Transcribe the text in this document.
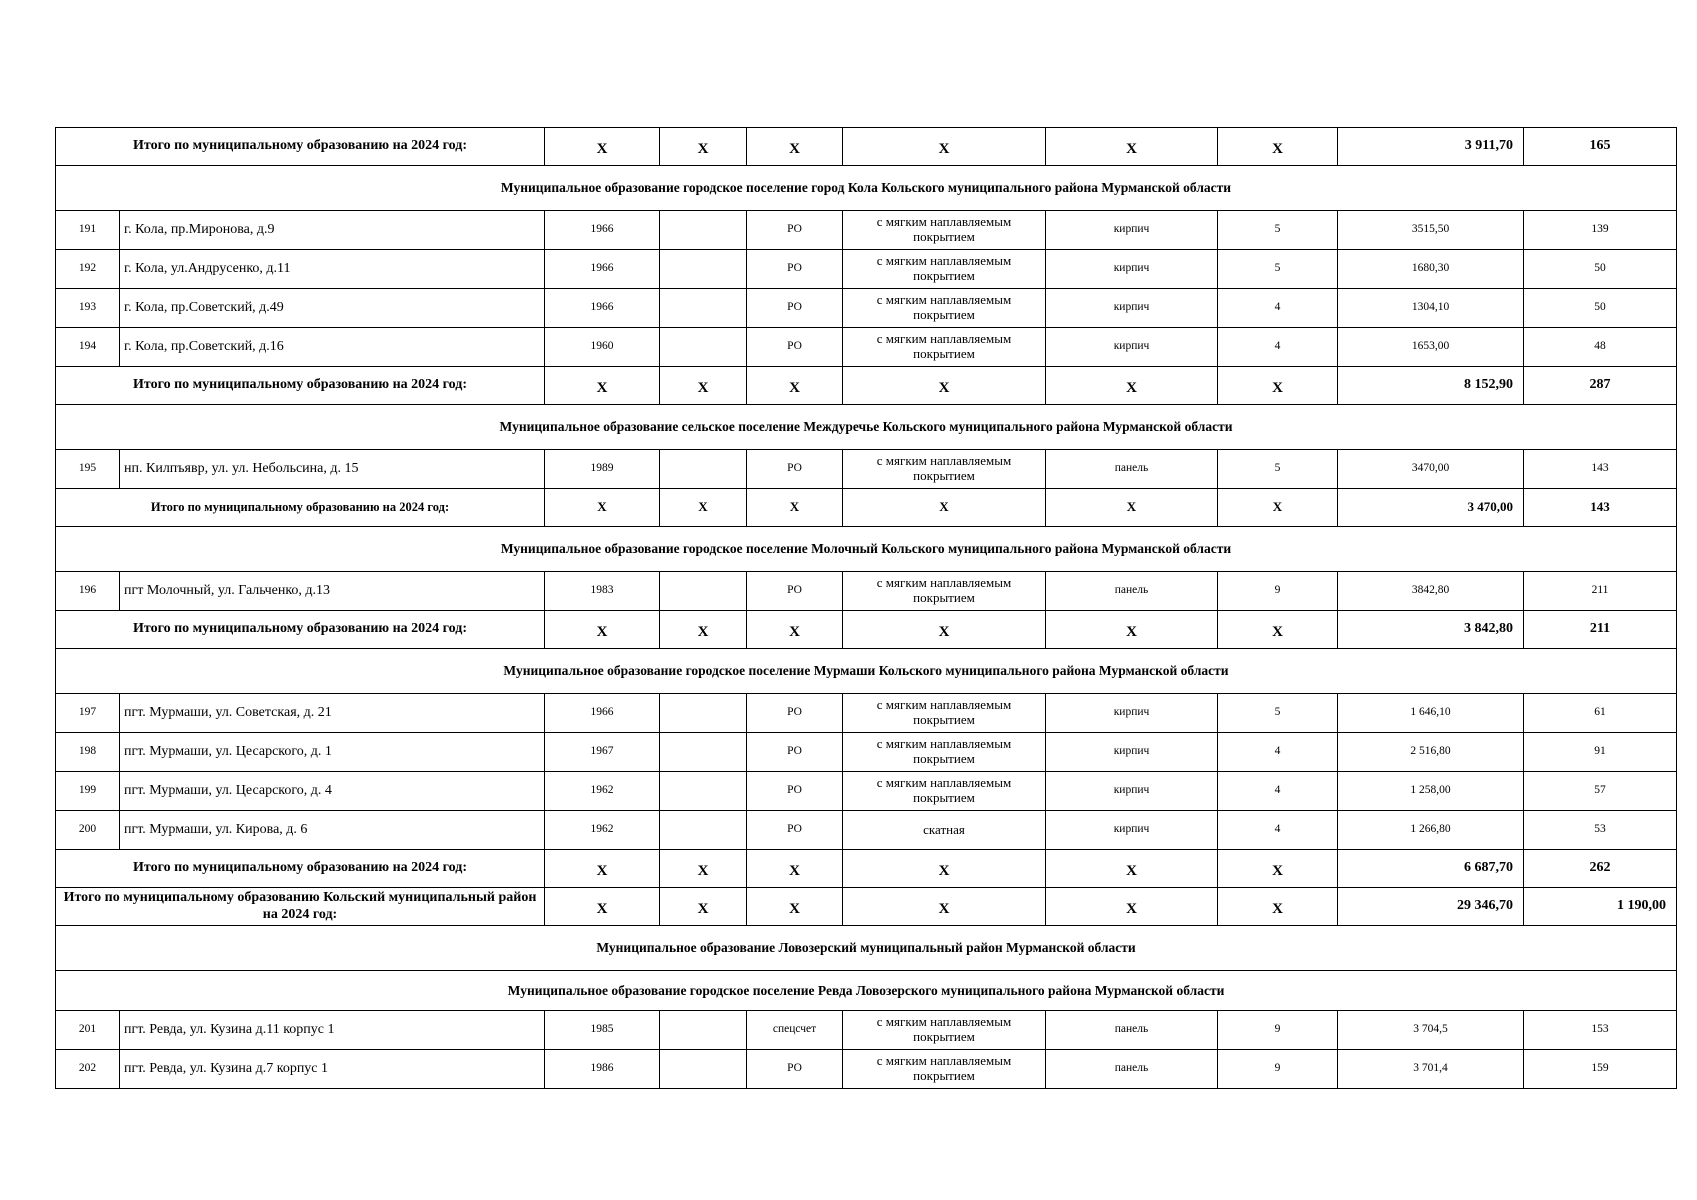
Итого по муниципальному образованию на 2024 год:		Х	Х	Х	Х	Х	Х	3 911,70	165
Муниципальное образование городское поселение город Кола Кольского муниципального района Мурманской области									
191	г. Кола, пр.Миронова, д.9	1966		РО	с мягким наплавляемым покрытием	кирпич	5	3515,50	139
192	г. Кола, ул.Андрусенко, д.11	1966		РО	с мягким наплавляемым покрытием	кирпич	5	1680,30	50
193	г. Кола, пр.Советский, д.49	1966		РО	с мягким наплавляемым покрытием	кирпич	4	1304,10	50
194	г. Кола, пр.Советский, д.16	1960		РО	с мягким наплавляемым покрытием	кирпич	4	1653,00	48
Итого по муниципальному образованию на 2024 год:		Х	Х	Х	Х	Х	Х	8 152,90	287
Муниципальное образование сельское поселение Междуречье Кольского муниципального района Мурманской области									
195	нп. Килпъявр, ул. ул. Небольсина, д. 15	1989		РО	с мягким наплавляемым покрытием	панель	5	3470,00	143
Итого по муниципальному образованию на 2024 год:		Х	Х	Х	Х	Х	Х	3 470,00	143
Муниципальное образование городское поселение Молочный Кольского муниципального района Мурманской области									
196	пгт Молочный, ул. Гальченко, д.13	1983		РО	с мягким наплавляемым покрытием	панель	9	3842,80	211
Итого по муниципальному образованию на 2024 год:		Х	Х	Х	Х	Х	Х	3 842,80	211
Муниципальное образование городское поселение Мурмаши Кольского муниципального района Мурманской области									
197	пгт. Мурмаши, ул. Советская, д. 21	1966		РО	с мягким наплавляемым покрытием	кирпич	5	1 646,10	61
198	пгт. Мурмаши, ул. Цесарского, д. 1	1967		РО	с мягким наплавляемым покрытием	кирпич	4	2 516,80	91
199	пгт. Мурмаши, ул. Цесарского, д. 4	1962		РО	с мягким наплавляемым покрытием	кирпич	4	1 258,00	57
200	пгт. Мурмаши, ул. Кирова, д. 6	1962		РО	скатная	кирпич	4	1 266,80	53
Итого по муниципальному образованию на 2024 год:		Х	Х	Х	Х	Х	Х	6 687,70	262
Итого по муниципальному образованию Кольский муниципальный район на 2024 год:		Х	Х	Х	Х	Х	Х	29 346,70	1 190,00
Муниципальное образование Ловозерский муниципальный район Мурманской области									
Муниципальное образование городское поселение Ревда Ловозерского муниципального района Мурманской области									
201	пгт. Ревда, ул. Кузина д.11 корпус 1	1985		спецсчет	с мягким наплавляемым покрытием	панель	9	3 704,5	153
202	пгт. Ревда, ул. Кузина д.7 корпус 1	1986		РО	с мягким наплавляемым покрытием	панель	9	3 701,4	159
